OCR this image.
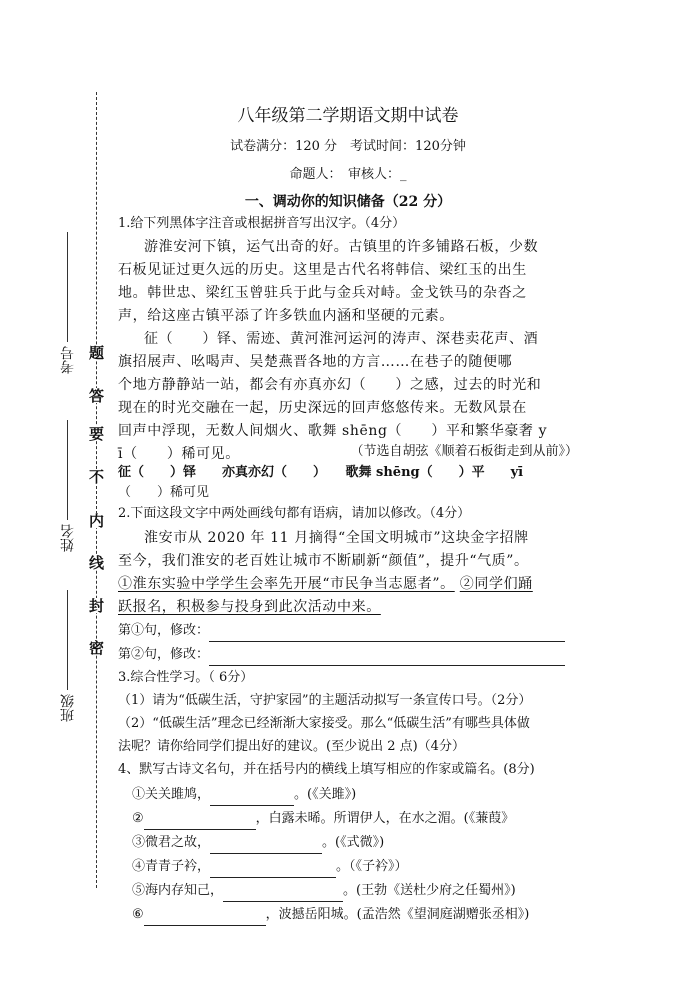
题
答
要
不
内
线
封
密
考号
姓名
班级
八年级第二学期语文期中试卷
试卷满分：120 分　考试时间：120分钟
命题人：　审核人：_
一、调动你的知识储备（22 分）
1.给下列黑体字注音或根据拼音写出汉字。（4分）
游淮安河下镇，运气出奇的好。古镇里的许多铺路石板，少数
石板见证过更久远的历史。这里是古代名将韩信、梁红玉的出生
地。韩世忠、梁红玉曾驻兵于此与金兵对峙。金戈铁马的杂沓之
声，给这座古镇平添了许多铁血内涵和坚硬的元素。
征（　　）铎、需迹、黄河淮河运河的涛声、深巷卖花声、酒
旗招展声、吆喝声、吴楚燕晋各地的方言……在巷子的随便哪
个地方静静站一站，都会有亦真亦幻（　　）之感，过去的时光和
现在的时光交融在一起，历史深远的回声悠悠传来。无数风景在
回声中浮现，无数人间烟火、歌舞 shēng（　　）平和繁华豪奢 y
ī（　　）稀可见。	（节选自胡弦《顺着石板街走到从前》）
征（　　）铎　　亦真亦幻（　　）　　歌舞 shēng（　　）平　　yī
（　　）稀可见
2.下面这段文字中两处画线句都有语病，请加以修改。（4分）
淮安市从 2020 年 11 月摘得“全国文明城市”这块金字招牌
至今，我们淮安的老百姓让城市不断刷新“颜值”，提升“气质”。
①淮东实验中学学生会率先开展“市民争当志愿者”。 ②同学们踊
跃报名，积极参与投身到此次活动中来。
第①句，修改：
第②句，修改：
3.综合性学习。（ 6分）
（1）请为“低碳生活，守护家园”的主题活动拟写一条宣传口号。（2分）
（2）“低碳生活”理念已经渐渐大家接受。那么“低碳生活”有哪些具体做
法呢？请你给同学们提出好的建议。(至少说出 2 点)（4分）
4、默写古诗文名句，并在括号内的横线上填写相应的作家或篇名。(8分)
①关关雎鸠，	。(《关雎》)
②	，白露未晞。所谓伊人，在水之湄。(《蒹葭》
③微君之故，	。(《式微》)
④青青子衿，	。（《子衿》）
⑤海内存知己，	。(王勃《送杜少府之任蜀州》)
⑥	，波撼岳阳城。(孟浩然《望洞庭湖赠张丞相》)
